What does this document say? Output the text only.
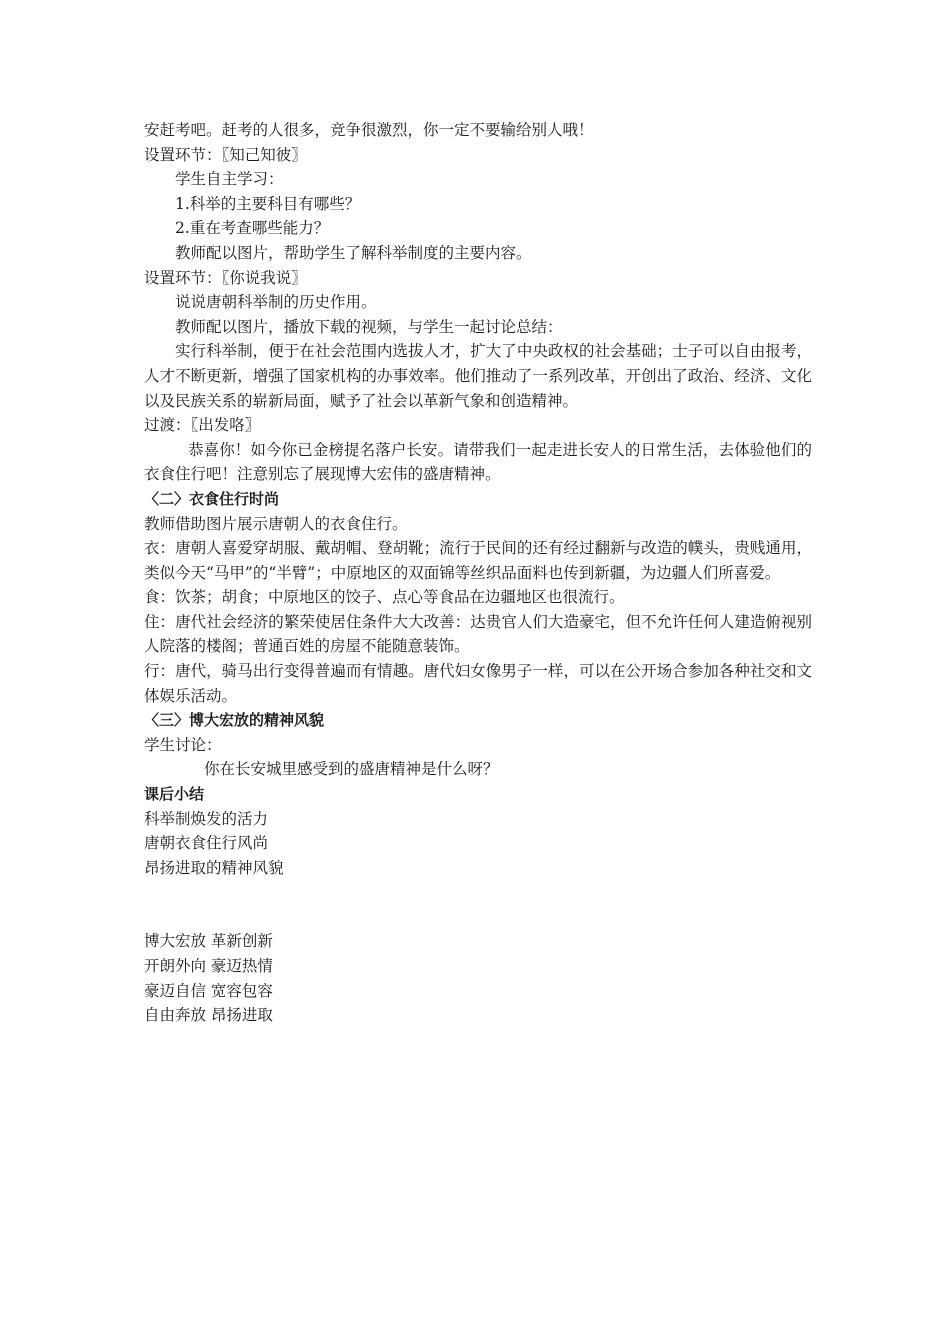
安赶考吧。赶考的人很多，竞争很激烈，你一定不要输给别人哦！
设置环节：〖知己知彼〗
学生自主学习：
1.科举的主要科目有哪些？
2.重在考查哪些能力？
教师配以图片，帮助学生了解科举制度的主要内容。
设置环节：〖你说我说〗
说说唐朝科举制的历史作用。
教师配以图片，播放下载的视频，与学生一起讨论总结：
实行科举制，便于在社会范围内选拔人才，扩大了中央政权的社会基础；士子可以自由报考，人才不断更新，增强了国家机构的办事效率。他们推动了一系列改革，开创出了政治、经济、文化以及民族关系的崭新局面，赋予了社会以革新气象和创造精神。
过渡：〖出发咯〗
恭喜你！如今你已金榜提名落户长安。请带我们一起走进长安人的日常生活，去体验他们的衣食住行吧！注意别忘了展现博大宏伟的盛唐精神。
〈二〉衣食住行时尚
教师借助图片展示唐朝人的衣食住行。
衣：唐朝人喜爱穿胡服、戴胡帽、登胡靴；流行于民间的还有经过翻新与改造的幞头，贵贱通用，类似今天“马甲”的“半臂”；中原地区的双面锦等丝织品面料也传到新疆，为边疆人们所喜爱。
食：饮茶；胡食；中原地区的饺子、点心等食品在边疆地区也很流行。
住：唐代社会经济的繁荣使居住条件大大改善：达贵官人们大造豪宅，但不允许任何人建造俯视别人院落的楼阁；普通百姓的房屋不能随意装饰。
行：唐代，骑马出行变得普遍而有情趣。唐代妇女像男子一样，可以在公开场合参加各种社交和文体娱乐活动。
〈三〉博大宏放的精神风貌
学生讨论：
你在长安城里感受到的盛唐精神是什么呀？
课后小结
科举制焕发的活力
唐朝衣食住行风尚
昂扬进取的精神风貌
博大宏放 革新创新
开朗外向 豪迈热情
豪迈自信 宽容包容
自由奔放 昂扬进取
